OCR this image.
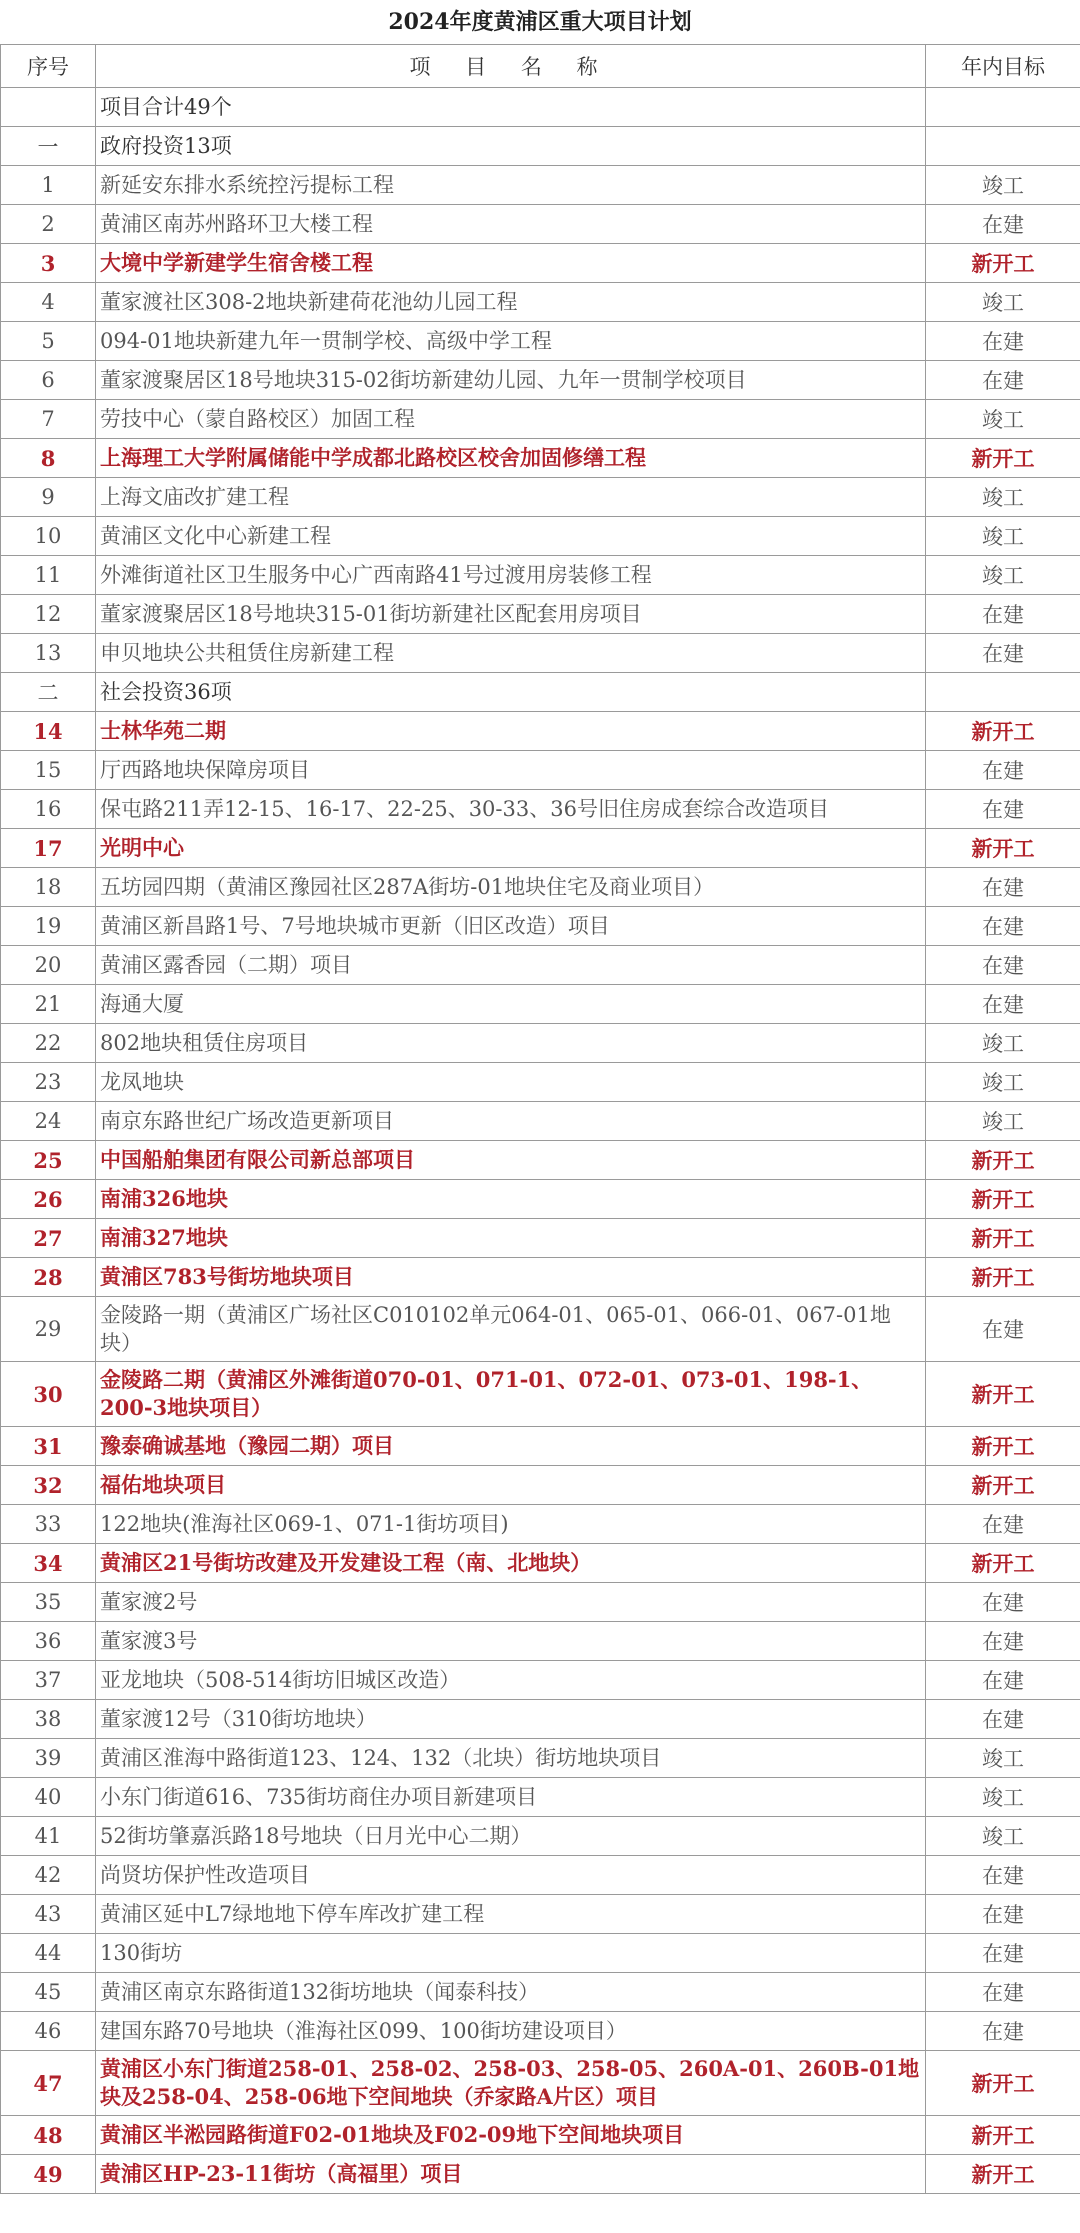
2024年度黄浦区重大项目计划
序号	项 目 名 称	年内目标
	项目合计49个	
一	政府投资13项	
1	新延安东排水系统控污提标工程	竣工
2	黄浦区南苏州路环卫大楼工程	在建
3	大境中学新建学生宿舍楼工程	新开工
4	董家渡社区308-2地块新建荷花池幼儿园工程	竣工
5	094-01地块新建九年一贯制学校、高级中学工程	在建
6	董家渡聚居区18号地块315-02街坊新建幼儿园、九年一贯制学校项目	在建
7	劳技中心（蒙自路校区）加固工程	竣工
8	上海理工大学附属储能中学成都北路校区校舍加固修缮工程	新开工
9	上海文庙改扩建工程	竣工
10	黄浦区文化中心新建工程	竣工
11	外滩街道社区卫生服务中心广西南路41号过渡用房装修工程	竣工
12	董家渡聚居区18号地块315-01街坊新建社区配套用房项目	在建
13	申贝地块公共租赁住房新建工程	在建
二	社会投资36项	
14	士林华苑二期	新开工
15	厅西路地块保障房项目	在建
16	保屯路211弄12-15、16-17、22-25、30-33、36号旧住房成套综合改造项目	在建
17	光明中心	新开工
18	五坊园四期（黄浦区豫园社区287A街坊-01地块住宅及商业项目）	在建
19	黄浦区新昌路1号、7号地块城市更新（旧区改造）项目	在建
20	黄浦区露香园（二期）项目	在建
21	海通大厦	在建
22	802地块租赁住房项目	竣工
23	龙凤地块	竣工
24	南京东路世纪广场改造更新项目	竣工
25	中国船舶集团有限公司新总部项目	新开工
26	南浦326地块	新开工
27	南浦327地块	新开工
28	黄浦区783号街坊地块项目	新开工
29	金陵路一期（黄浦区广场社区C010102单元064-01、065-01、066-01、067-01地块）	在建
30	金陵路二期（黄浦区外滩街道070-01、071-01、072-01、073-01、198-1、200-3地块项目）	新开工
31	豫泰确诚基地（豫园二期）项目	新开工
32	福佑地块项目	新开工
33	122地块(淮海社区069-1、071-1街坊项目)	在建
34	黄浦区21号街坊改建及开发建设工程（南、北地块）	新开工
35	董家渡2号	在建
36	董家渡3号	在建
37	亚龙地块（508-514街坊旧城区改造）	在建
38	董家渡12号（310街坊地块）	在建
39	黄浦区淮海中路街道123、124、132（北块）街坊地块项目	竣工
40	小东门街道616、735街坊商住办项目新建项目	竣工
41	52街坊肇嘉浜路18号地块（日月光中心二期）	竣工
42	尚贤坊保护性改造项目	在建
43	黄浦区延中L7绿地地下停车库改扩建工程	在建
44	130街坊	在建
45	黄浦区南京东路街道132街坊地块（闻泰科技）	在建
46	建国东路70号地块（淮海社区099、100街坊建设项目）	在建
47	黄浦区小东门街道258-01、258-02、258-03、258-05、260A-01、260B-01地块及258-04、258-06地下空间地块（乔家路A片区）项目	新开工
48	黄浦区半淞园路街道F02-01地块及F02-09地下空间地块项目	新开工
49	黄浦区HP-23-11街坊（高福里）项目	新开工
